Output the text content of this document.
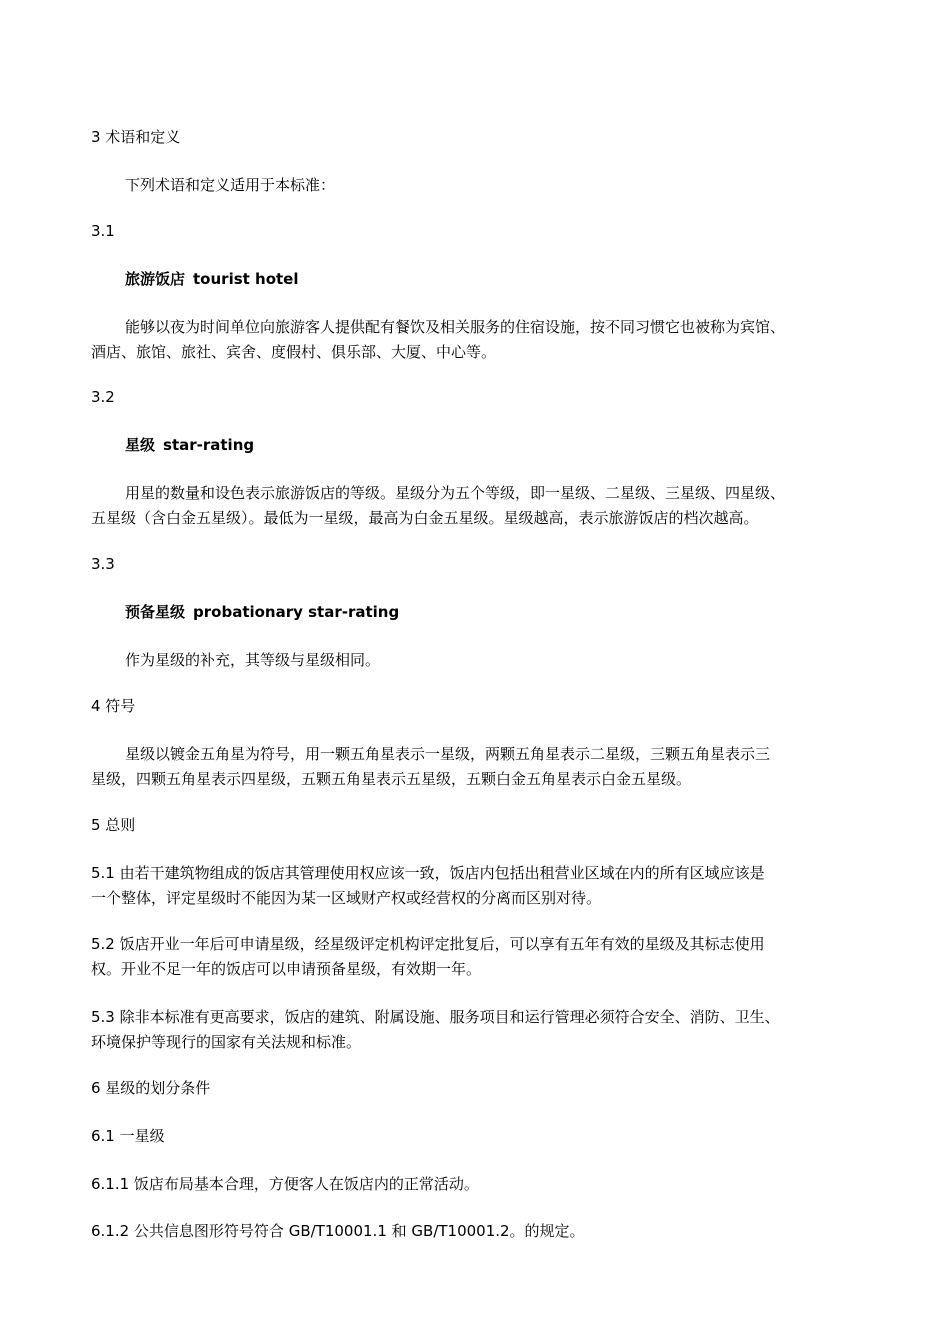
3 术语和定义
下列术语和定义适用于本标准：
3.1
旅游饭店 tourist hotel
能够以夜为时间单位向旅游客人提供配有餐饮及相关服务的住宿设施，按不同习惯它也被称为宾馆、
酒店、旅馆、旅社、宾舍、度假村、俱乐部、大厦、中心等。
3.2
星级 star-rating
用星的数量和设色表示旅游饭店的等级。星级分为五个等级，即一星级、二星级、三星级、四星级、
五星级（含白金五星级）。最低为一星级，最高为白金五星级。星级越高，表示旅游饭店的档次越高。
3.3
预备星级 probationary star-rating
作为星级的补充，其等级与星级相同。
4 符号
星级以镀金五角星为符号，用一颗五角星表示一星级，两颗五角星表示二星级，三颗五角星表示三
星级，四颗五角星表示四星级，五颗五角星表示五星级，五颗白金五角星表示白金五星级。
5 总则
5.1 由若干建筑物组成的饭店其管理使用权应该一致，饭店内包括出租营业区域在内的所有区域应该是
一个整体，评定星级时不能因为某一区域财产权或经营权的分离而区别对待。
5.2 饭店开业一年后可申请星级，经星级评定机构评定批复后，可以享有五年有效的星级及其标志使用
权。开业不足一年的饭店可以申请预备星级，有效期一年。
5.3 除非本标准有更高要求，饭店的建筑、附属设施、服务项目和运行管理必须符合安全、消防、卫生、
环境保护等现行的国家有关法规和标准。
6 星级的划分条件
6.1 一星级
6.1.1 饭店布局基本合理，方便客人在饭店内的正常活动。
6.1.2 公共信息图形符号符合 GB/T10001.1 和 GB/T10001.2。的规定。
